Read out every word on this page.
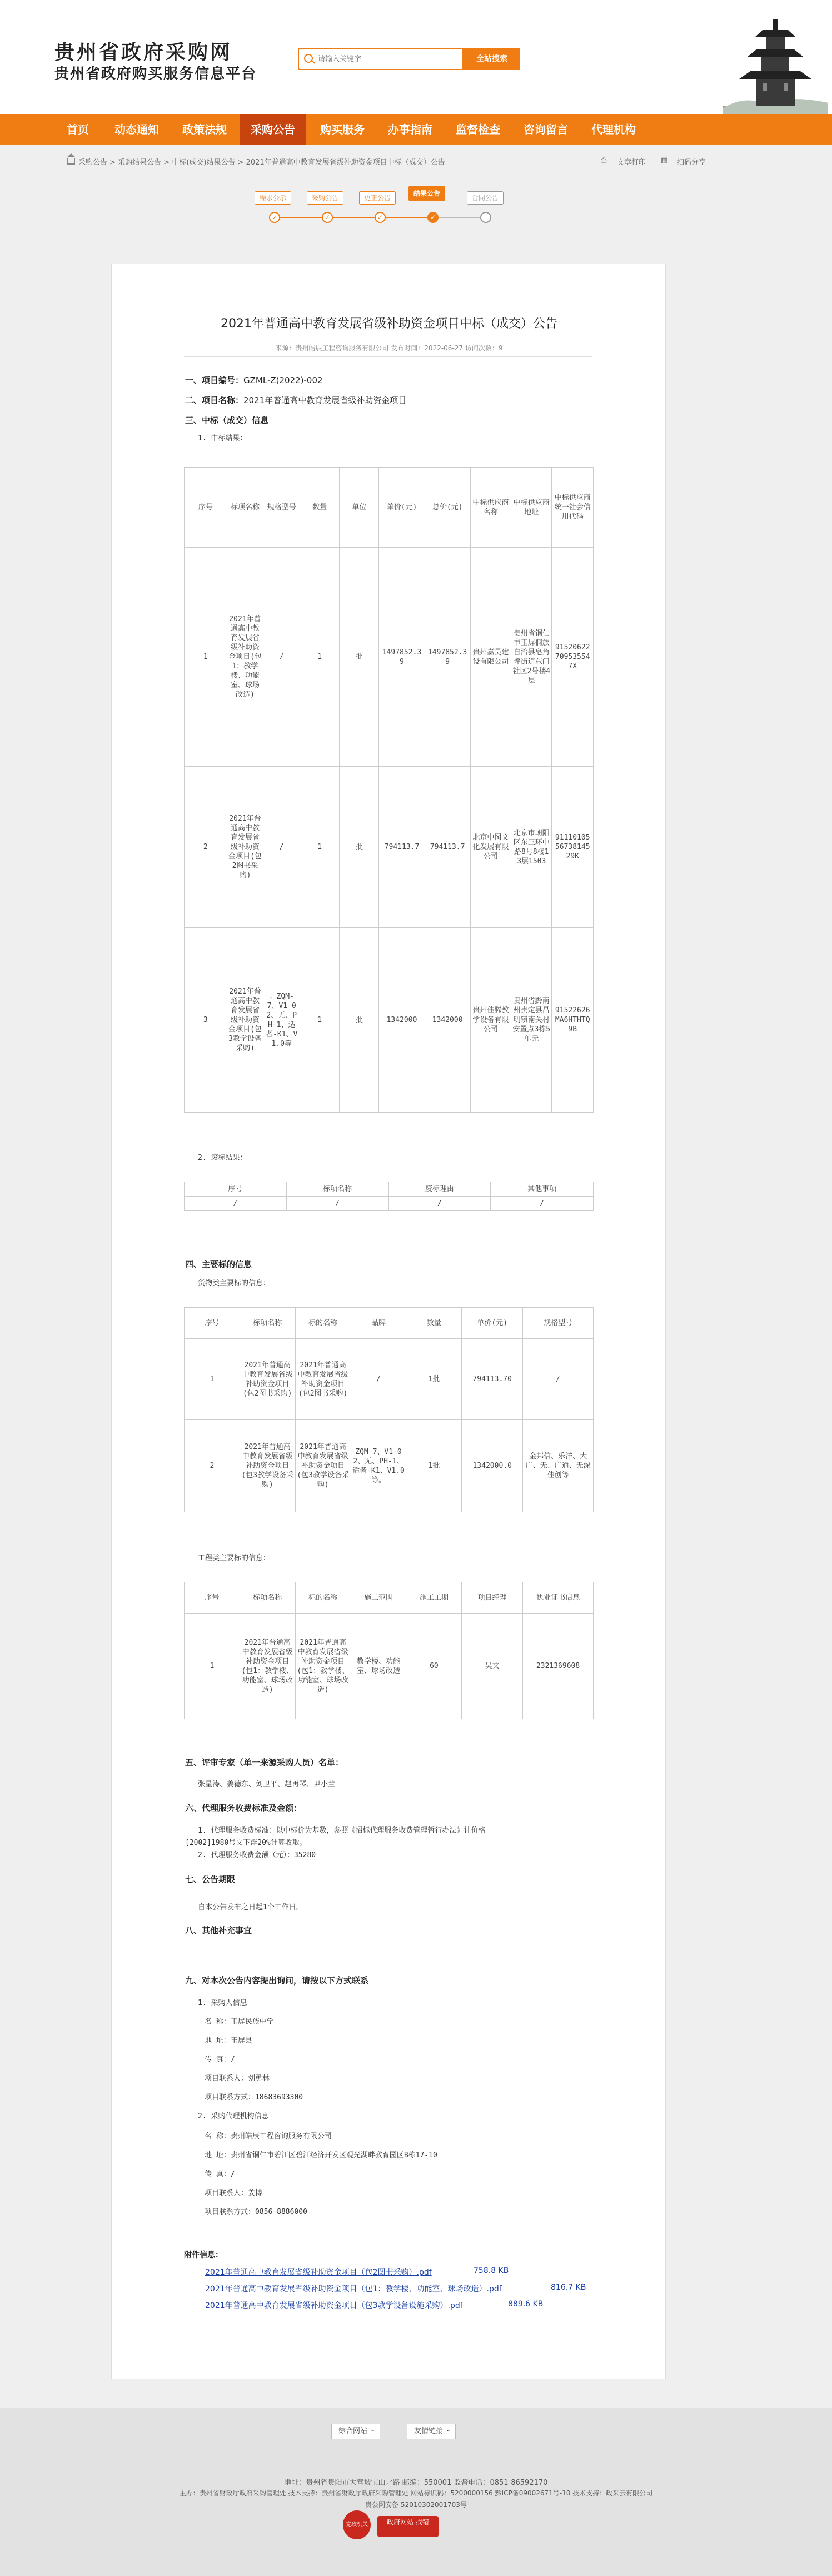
贵州省政府采购网
贵州省政府购买服务信息平台
请输入关键字
全站搜索
首页	动态通知	政策法规	采购公告	购买服务	办事指南	监督检查	咨询留言	代理机构
采购公告 > 采购结果公告 > 中标(成交)结果公告 > 2021年普通高中教育发展省级补助资金项目中标（成交）公告	⎙ 文章打印 ▦ 扫码分享
需求公示	采购公告	更正公告
结果公告
合同公告
✓	✓	✓	✓
2021年普通高中教育发展省级补助资金项目中标（成交）公告
来源：贵州皓辰工程咨询服务有限公司 发布时间：2022-06-27 访问次数：9
一、项目编号：GZML-Z(2022)-002
二、项目名称：2021年普通高中教育发展省级补助资金项目
三、中标（成交）信息
1. 中标结果：
序号	标项名称	规格型号	数量	单位	单价(元)	总价(元)	中标供应商名称	中标供应商地址	中标供应商统一社会信用代码
1	2021年普通高中教育发展省级补助资金项目(包1：教学楼、功能室、球场改造)	/	1	批	1497852.39	1497852.39	贵州嘉昊建设有限公司	贵州省铜仁市玉屏侗族自治县皂角坪街道东门社区2号楼4层	91520622709535547X
2	2021年普通高中教育发展省级补助资金项目(包2图书采购)	/	1	批	794113.7	794113.7	北京中图文化发展有限公司	北京市朝阳区东三环中路8号8楼13层1503	911101055673814529K
3	2021年普通高中教育发展省级补助资金项目(包3教学设备采购)	：ZQM-7、V1-02、无、PH-1、适者-K1、V1.0等	1	批	1342000	1342000	贵州佳腾教学设备有限公司	贵州省黔南州贵定县昌明镇南关村安置点3栋5单元	91522626MA6HTHTQ9B
2. 废标结果：
序号	标项名称	废标理由	其他事项
/	/	/	/
四、主要标的信息
货物类主要标的信息：
序号	标项名称	标的名称	品牌	数量	单价(元)	规格型号
1	2021年普通高中教育发展省级补助资金项目(包2图书采购)	2021年普通高中教育发展省级补助资金项目(包2图书采购)	/	1批	794113.70	/
2	2021年普通高中教育发展省级补助资金项目(包3教学设备采购)	2021年普通高中教育发展省级补助资金项目(包3教学设备采购)	ZQM-7、V1-02、无、PH-1、适者-K1、V1.0等。	1批	1342000.0	金邦信、乐洋、大广、无、广通、无深佳创等
工程类主要标的信息：
序号	标项名称	标的名称	施工范围	施工工期	项目经理	执业证书信息
1	2021年普通高中教育发展省级补助资金项目(包1：教学楼、功能室、球场改造)	2021年普通高中教育发展省级补助资金项目(包1：教学楼、功能室、球场改造)	教学楼、功能室、球场改造	60	吴文	2321369608
五、评审专家（单一来源采购人员）名单：
张星涛、姜德东、刘卫平、赵再琴、尹小兰
六、代理服务收费标准及金额：
1. 代理服务收费标准：以中标价为基数，参照《招标代理服务收费管理暂行办法》计价格
[2002]1980号文下浮20%计算收取。
2. 代理服务收费金额（元）：35280
七、公告期限
自本公告发布之日起1个工作日。
八、其他补充事宜
九、对本次公告内容提出询问，请按以下方式联系
1. 采购人信息
名 称：玉屏民族中学
地 址：玉屏县
传 真：/
项目联系人：刘勇林
项目联系方式：18683693300
2. 采购代理机构信息
名 称：贵州皓辰工程咨询服务有限公司
地 址：贵州省铜仁市碧江区碧江经济开发区观光湖畔教育园区B栋17-10
传 真：/
项目联系人：姜博
项目联系方式：0856-8886000
附件信息：
2021年普通高中教育发展省级补助资金项目（包2图书采购）.pdf	758.8 KB
2021年普通高中教育发展省级补助资金项目（包1：教学楼、功能室、球场改造）.pdf	816.7 KB
2021年普通高中教育发展省级补助资金项目（包3教学设备设施采购）.pdf	889.6 KB
综合网站 ⌄	友情链接 ⌄
地址：贵州省贵阳市大营坡宝山北路 邮编：550001 监督电话：0851-86592170
主办：贵州省财政厅政府采购管理处 技术支持：贵州省财政厅政府采购管理处 网站标识码：5200000156 黔ICP备09002671号-10 技术支持：政采云有限公司
贵公网安备 52010302001703号
党政机关	政府网站 找错
